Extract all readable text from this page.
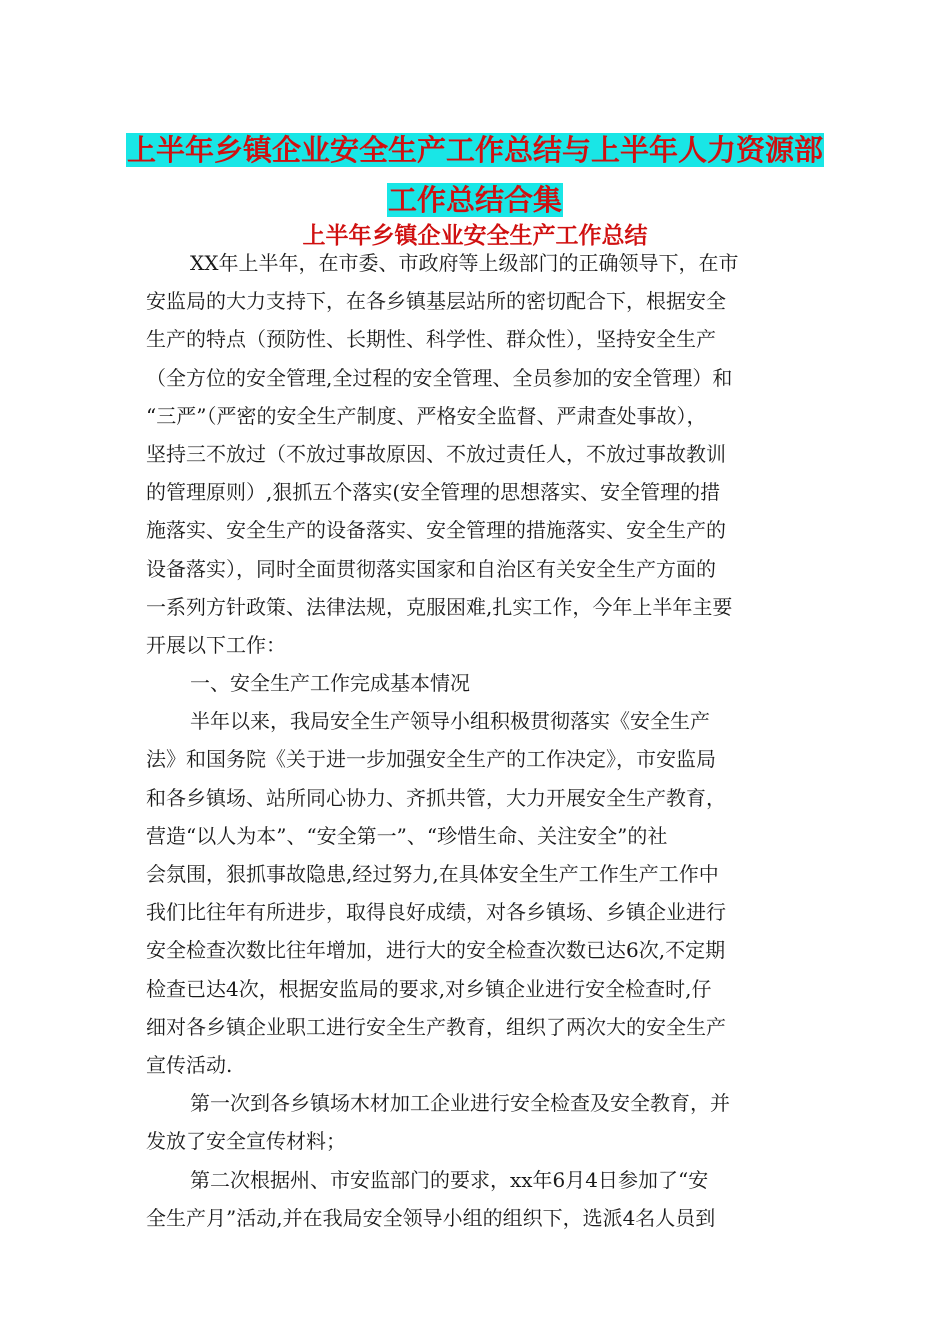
上半年乡镇企业安全生产工作总结与上半年人力资源部
工作总结合集
上半年乡镇企业安全生产工作总结
XX年上半年，在市委、市政府等上级部门的正确领导下，在市
安监局的大力支持下，在各乡镇基层站所的密切配合下，根据安全
生产的特点（预防性、长期性、科学性、群众性），坚持安全生产
（全方位的安全管理,全过程的安全管理、全员参加的安全管理）和
“三严”（严密的安全生产制度、严格安全监督、严肃查处事故），
坚持三不放过（不放过事故原因、不放过责任人，不放过事故教训
的管理原则）,狠抓五个落实(安全管理的思想落实、安全管理的措
施落实、安全生产的设备落实、安全管理的措施落实、安全生产的
设备落实），同时全面贯彻落实国家和自治区有关安全生产方面的
一系列方针政策、法律法规，克服困难,扎实工作，今年上半年主要
开展以下工作：
一、安全生产工作完成基本情况
半年以来，我局安全生产领导小组积极贯彻落实《安全生产
法》和国务院《关于进一步加强安全生产的工作决定》，市安监局
和各乡镇场、站所同心协力、齐抓共管，大力开展安全生产教育，
营造“以人为本”、“安全第一”、“珍惜生命、关注安全”的社
会氛围，狠抓事故隐患,经过努力,在具体安全生产工作生产工作中
我们比往年有所进步，取得良好成绩，对各乡镇场、乡镇企业进行
安全检查次数比往年增加，进行大的安全检查次数已达6次,不定期
检查已达4次，根据安监局的要求,对乡镇企业进行安全检查时,仔
细对各乡镇企业职工进行安全生产教育，组织了两次大的安全生产
宣传活动.
第一次到各乡镇场木材加工企业进行安全检查及安全教育，并
发放了安全宣传材料；
第二次根据州、市安监部门的要求，xx年6月4日参加了“安
全生产月”活动,并在我局安全领导小组的组织下，选派4名人员到
